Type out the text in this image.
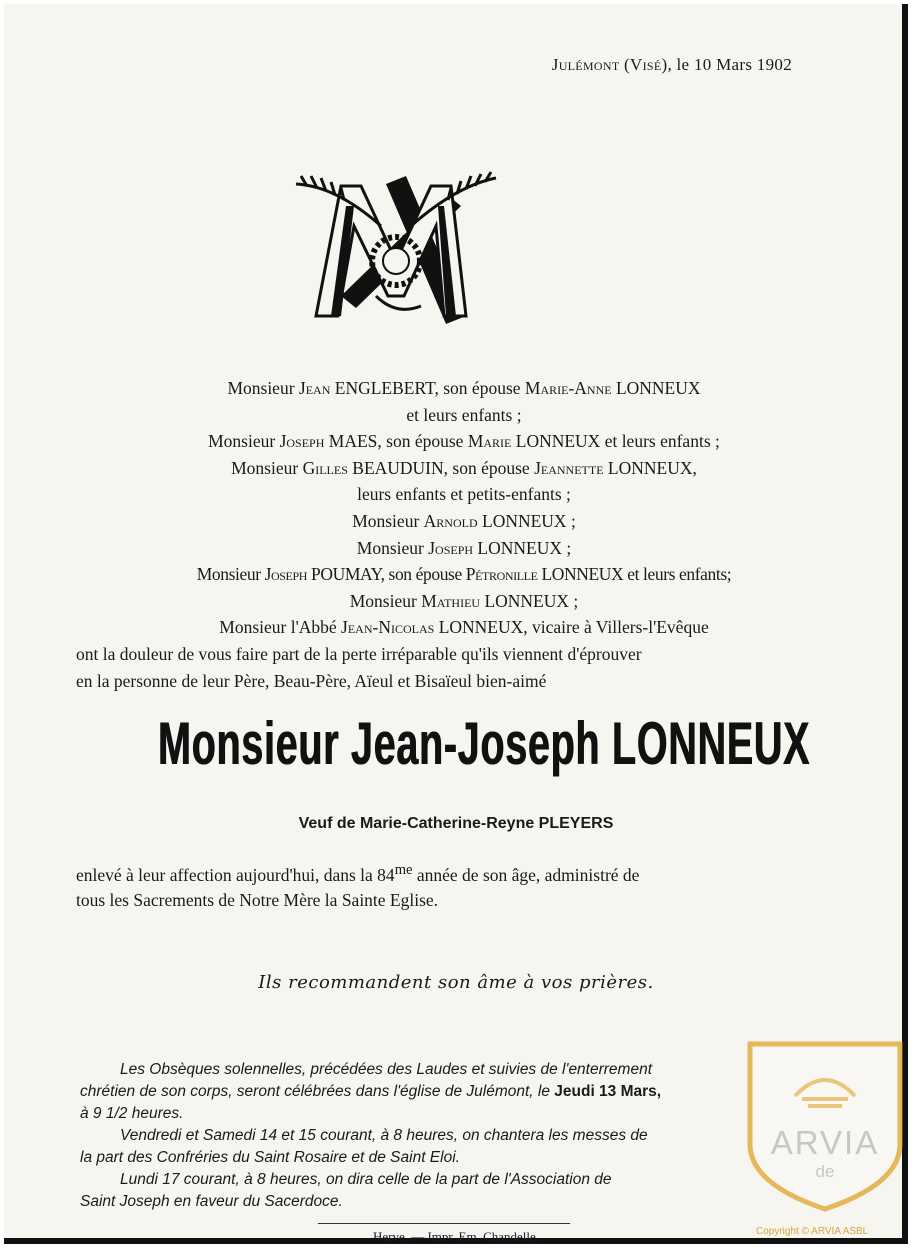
Julémont (Visé), le 10 Mars 1902

Monsieur Jean ENGLEBERT, son épouse Marie-Anne LONNEUX

et leurs enfants ;

Monsieur Joseph MAES, son épouse Marie LONNEUX et leurs enfants ;

Monsieur Gilles BEAUDUIN, son épouse Jeannette LONNEUX,

leurs enfants et petits-enfants ;

Monsieur Arnold LONNEUX ;

Monsieur Joseph LONNEUX ;

Monsieur Joseph POUMAY, son épouse Pétronille LONNEUX et leurs enfants;

Monsieur Mathieu LONNEUX ;

Monsieur l'Abbé Jean-Nicolas LONNEUX, vicaire à Villers-l'Evêque

ont la douleur de vous faire part de la perte irréparable qu'ils viennent d'éprouver

en la personne de leur Père, Beau-Père, Aïeul et Bisaïeul bien-aimé

Monsieur Jean-Joseph LONNEUX
Veuf de Marie-Catherine-Reyne PLEYERS

enlevé à leur affection aujourd'hui, dans la $84^{me}$ année de son âge, administré de

tous les Sacrements de Notre Mère la Sainte Eglise.

Ils recommandent son âme à vos prières.

Les Obsèques solennelles, précédées des Laudes et suivies de l'enterrement

chrétien de son corps, seront célébrées dans l'église de Julémont, le Jeudi 13 Mars,

à 9 1/2 heures.

Vendredi et Samedi 14 et 15 courant, à 8 heures, on chantera les messes de

la part des Confréries du Saint Rosaire et de Saint Eloi.

Lundi 17 courant, à 8 heures, on dira celle de la part de l'Association de

Saint Joseph en faveur du Sacerdoce.

Herve. — Impr. Em. Chandelle.
ARVIA
de
Copyright © ARVIA ASBL
